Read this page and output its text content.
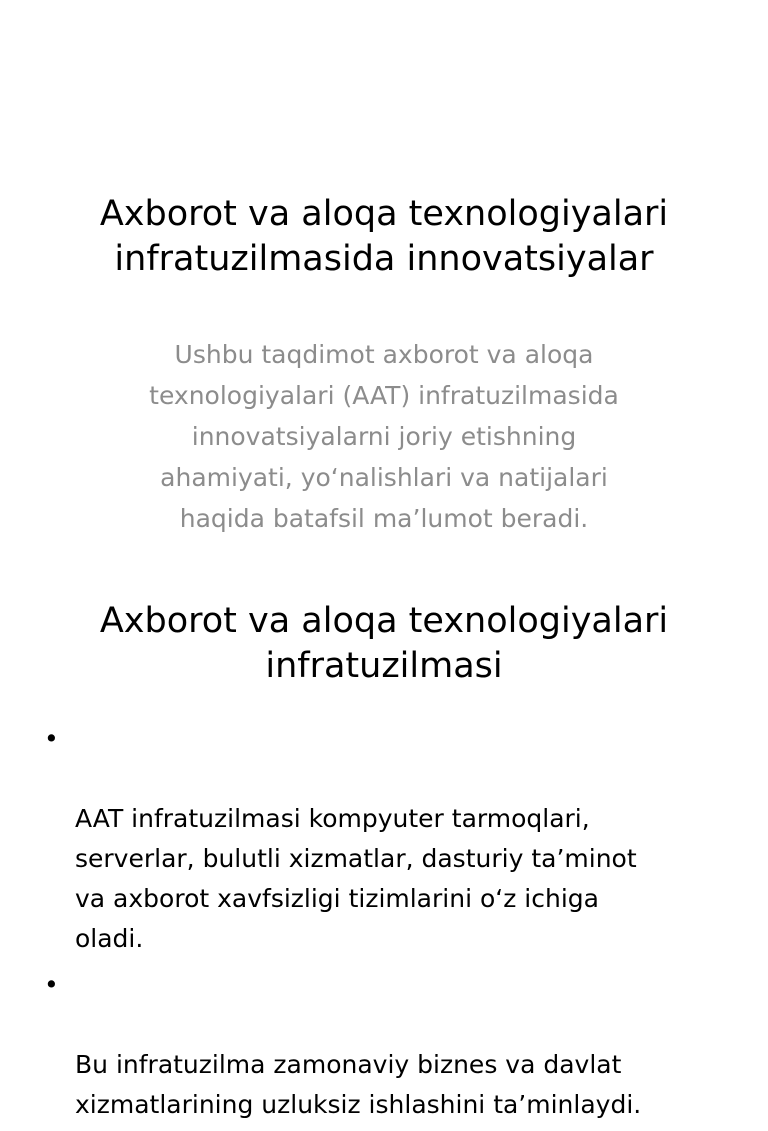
Axborot va aloqa texnologiyalari
infratuzilmasida innovatsiyalar

Ushbu taqdimot axborot va aloqa
texnologiyalari (AAT) infratuzilmasida
innovatsiyalarni joriy etishning
ahamiyati, yo‘nalishlari va natijalari
haqida batafsil ma’lumot beradi.

Axborot va aloqa texnologiyalari
infratuzilmasi

•

AAT infratuzilmasi kompyuter tarmoqlari,
serverlar, bulutli xizmatlar, dasturiy ta’minot
va axborot xavfsizligi tizimlarini o‘z ichiga
oladi.

•

Bu infratuzilma zamonaviy biznes va davlat
xizmatlarining uzluksiz ishlashini ta’minlaydi.
